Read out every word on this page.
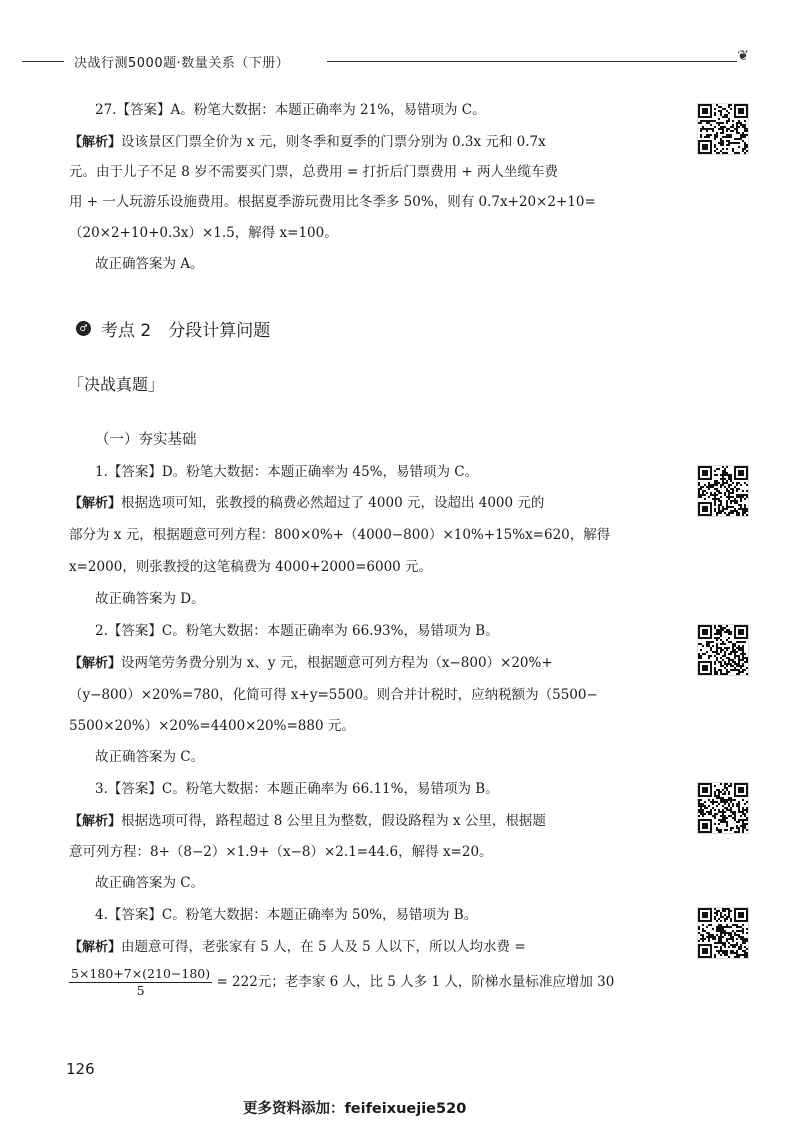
决战行测5000题·数量关系（下册）	❦
27.【答案】A。粉笔大数据：本题正确率为 21%，易错项为 C。
【解析】设该景区门票全价为 x 元，则冬季和夏季的门票分别为 0.3x 元和 0.7x
元。由于儿子不足 8 岁不需要买门票，总费用 = 打折后门票费用 + 两人坐缆车费
用 + 一人玩游乐设施费用。根据夏季游玩费用比冬季多 50%，则有 0.7x+20×2+10=
（20×2+10+0.3x）×1.5，解得 x=100。
故正确答案为 A。
♂ 考点 2　分段计算问题
「决战真题」
（一）夯实基础
1.【答案】D。粉笔大数据：本题正确率为 45%，易错项为 C。
【解析】根据选项可知，张教授的稿费必然超过了 4000 元，设超出 4000 元的
部分为 x 元，根据题意可列方程：800×0%+（4000−800）×10%+15%x=620，解得
x=2000，则张教授的这笔稿费为 4000+2000=6000 元。
故正确答案为 D。
2.【答案】C。粉笔大数据：本题正确率为 66.93%，易错项为 B。
【解析】设两笔劳务费分别为 x、y 元，根据题意可列方程为（x−800）×20%+
（y−800）×20%=780，化简可得 x+y=5500。则合并计税时，应纳税额为（5500−
5500×20%）×20%=4400×20%=880 元。
故正确答案为 C。
3.【答案】C。粉笔大数据：本题正确率为 66.11%，易错项为 B。
【解析】根据选项可得，路程超过 8 公里且为整数，假设路程为 x 公里，根据题
意可列方程：8+（8−2）×1.9+（x−8）×2.1=44.6，解得 x=20。
故正确答案为 C。
4.【答案】C。粉笔大数据：本题正确率为 50%，易错项为 B。
【解析】由题意可得，老张家有 5 人，在 5 人及 5 人以下，所以人均水费 =
$\frac{5\times 180+7\times(210-180)}{5} = 222$元；老李家 6 人，比 5 人多 1 人，阶梯水量标准应增加 30
126
更多资料添加：feifeixuejie520
